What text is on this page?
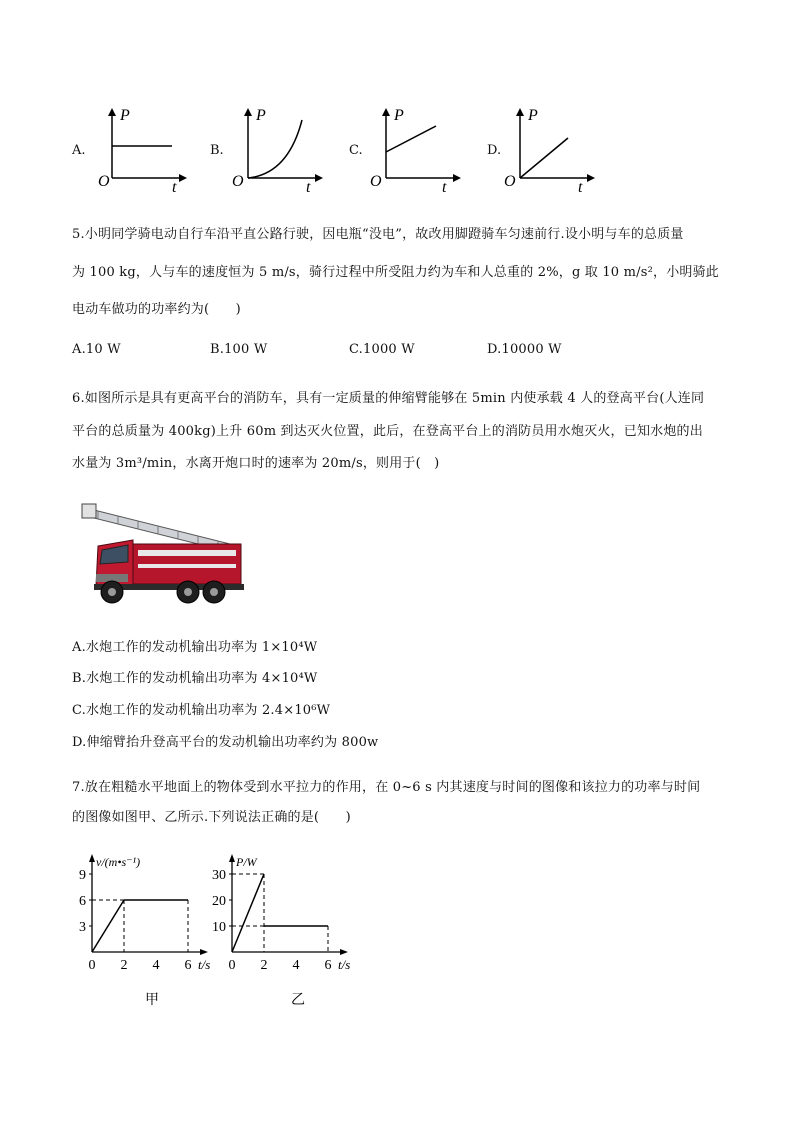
A.	B.	C.	D.
P
t
O
P
t
O
P
t
O
P
t
O
5.小明同学骑电动自行车沿平直公路行驶，因电瓶“没电”，故改用脚蹬骑车匀速前行.设小明与车的总质量
为 100 kg，人与车的速度恒为 5 m/s，骑行过程中所受阻力约为车和人总重的 2%，g 取 10 m/s²，小明骑此
电动车做功的功率约为(　　)
A.10 W	B.100 W	C.1000 W	D.10000 W
6.如图所示是具有更高平台的消防车，具有一定质量的伸缩臂能够在 5min 内使承载 4 人的登高平台(人连同
平台的总质量为 400kg)上升 60m 到达灭火位置，此后，在登高平台上的消防员用水炮灭火，已知水炮的出
水量为 3m³/min，水离开炮口时的速率为 20m/s，则用于(　)
A.水炮工作的发动机输出功率为 1×10⁴W
B.水炮工作的发动机输出功率为 4×10⁴W
C.水炮工作的发动机输出功率为 2.4×10⁶W
D.伸缩臂抬升登高平台的发动机输出功率约为 800w
7.放在粗糙水平地面上的物体受到水平拉力的作用，在 0~6 s 内其速度与时间的图像和该拉力的功率与时间
的图像如图甲、乙所示.下列说法正确的是(　　)
3
6
9
0 2 4 6
v/(m•s⁻¹)
t/s
甲
10
20
30
0 2 4 6
P/W
t/s
乙
